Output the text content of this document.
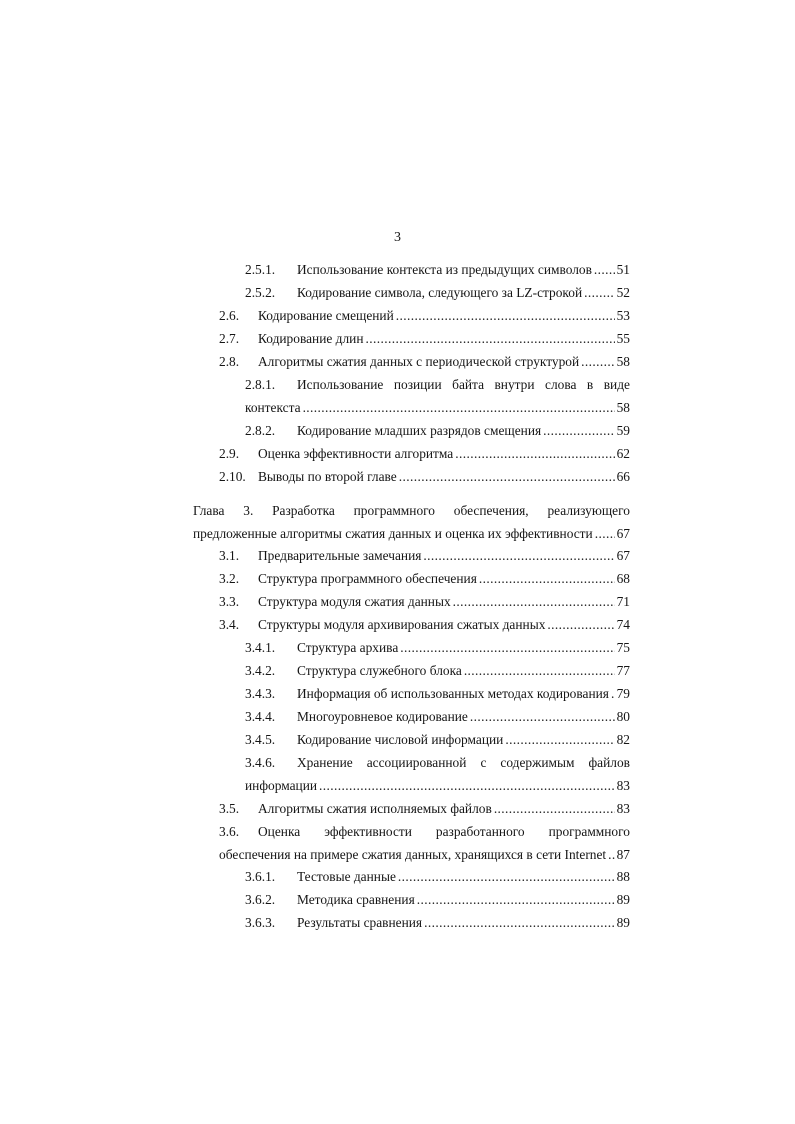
3
2.5.1. Использование контекста из предыдущих символов ..... 51
2.5.2. Кодирование символа, следующего за LZ-строкой .....	52
2.6. Кодирование смещений .....	53
2.7. Кодирование длин .....	55
2.8. Алгоритмы сжатия данных с периодической структурой .....	58
2.8.1. Использование позиции байта внутри слова в виде
контекста .....	58
2.8.2. Кодирование младших разрядов смещения .....	59
2.9. Оценка эффективности алгоритма .....	62
2.10. Выводы по второй главе .....	66
Глава 3. Разработка программного обеспечения, реализующего
предложенные алгоритмы сжатия данных и оценка их эффективности ..... 67
3.1. Предварительные замечания .....	67
3.2. Структура программного обеспечения .....	68
3.3. Структура модуля сжатия данных .....	71
3.4. Структуры модуля архивирования сжатых данных .....	74
3.4.1. Структура архива .....	75
3.4.2. Структура служебного блока .....	77
3.4.3. Информация об использованных методах кодирования ..... 79
3.4.4. Многоуровневое кодирование .....	80
3.4.5. Кодирование числовой информации .....	82
3.4.6. Хранение ассоциированной с содержимым файлов
информации .....	83
3.5. Алгоритмы сжатия исполняемых файлов .....	83
3.6. Оценка эффективности разработанного программного
обеспечения на примере сжатия данных, хранящихся в сети Internet ..... 87
3.6.1. Тестовые данные .....	88
3.6.2. Методика сравнения .....	89
3.6.3. Результаты сравнения .....	89
